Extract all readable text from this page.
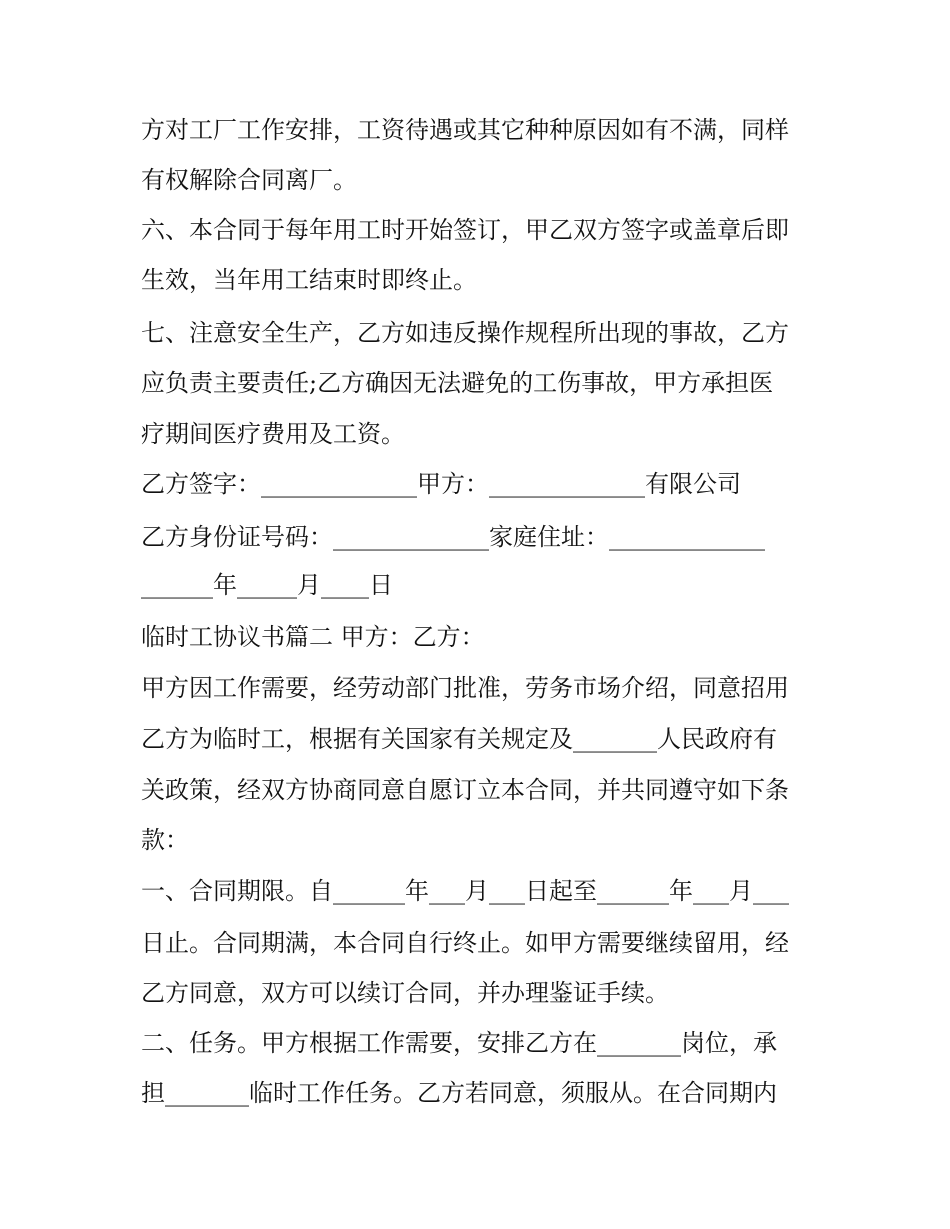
方对工厂工作安排，工资待遇或其它种种原因如有不满，同样

有权解除合同离厂。

六、本合同于每年用工时开始签订，甲乙双方签字或盖章后即

生效，当年用工结束时即终止。

七、注意安全生产，乙方如违反操作规程所出现的事故，乙方

应负责主要责任;乙方确因无法避免的工伤事故，甲方承担医

疗期间医疗费用及工资。

乙方签字：_____________甲方：_____________有限公司

乙方身份证号码：_____________家庭住址：_____________

______年_____月____日

临时工协议书篇二 甲方：乙方：

甲方因工作需要，经劳动部门批准，劳务市场介绍，同意招用

乙方为临时工，根据有关国家有关规定及_______人民政府有

关政策，经双方协商同意自愿订立本合同，并共同遵守如下条

款：

一、合同期限。自______年___月___日起至______年___月___

日止。合同期满，本合同自行终止。如甲方需要继续留用，经

乙方同意，双方可以续订合同，并办理鉴证手续。

二、任务。甲方根据工作需要，安排乙方在_______岗位，承

担_______临时工作任务。乙方若同意，须服从。在合同期内
